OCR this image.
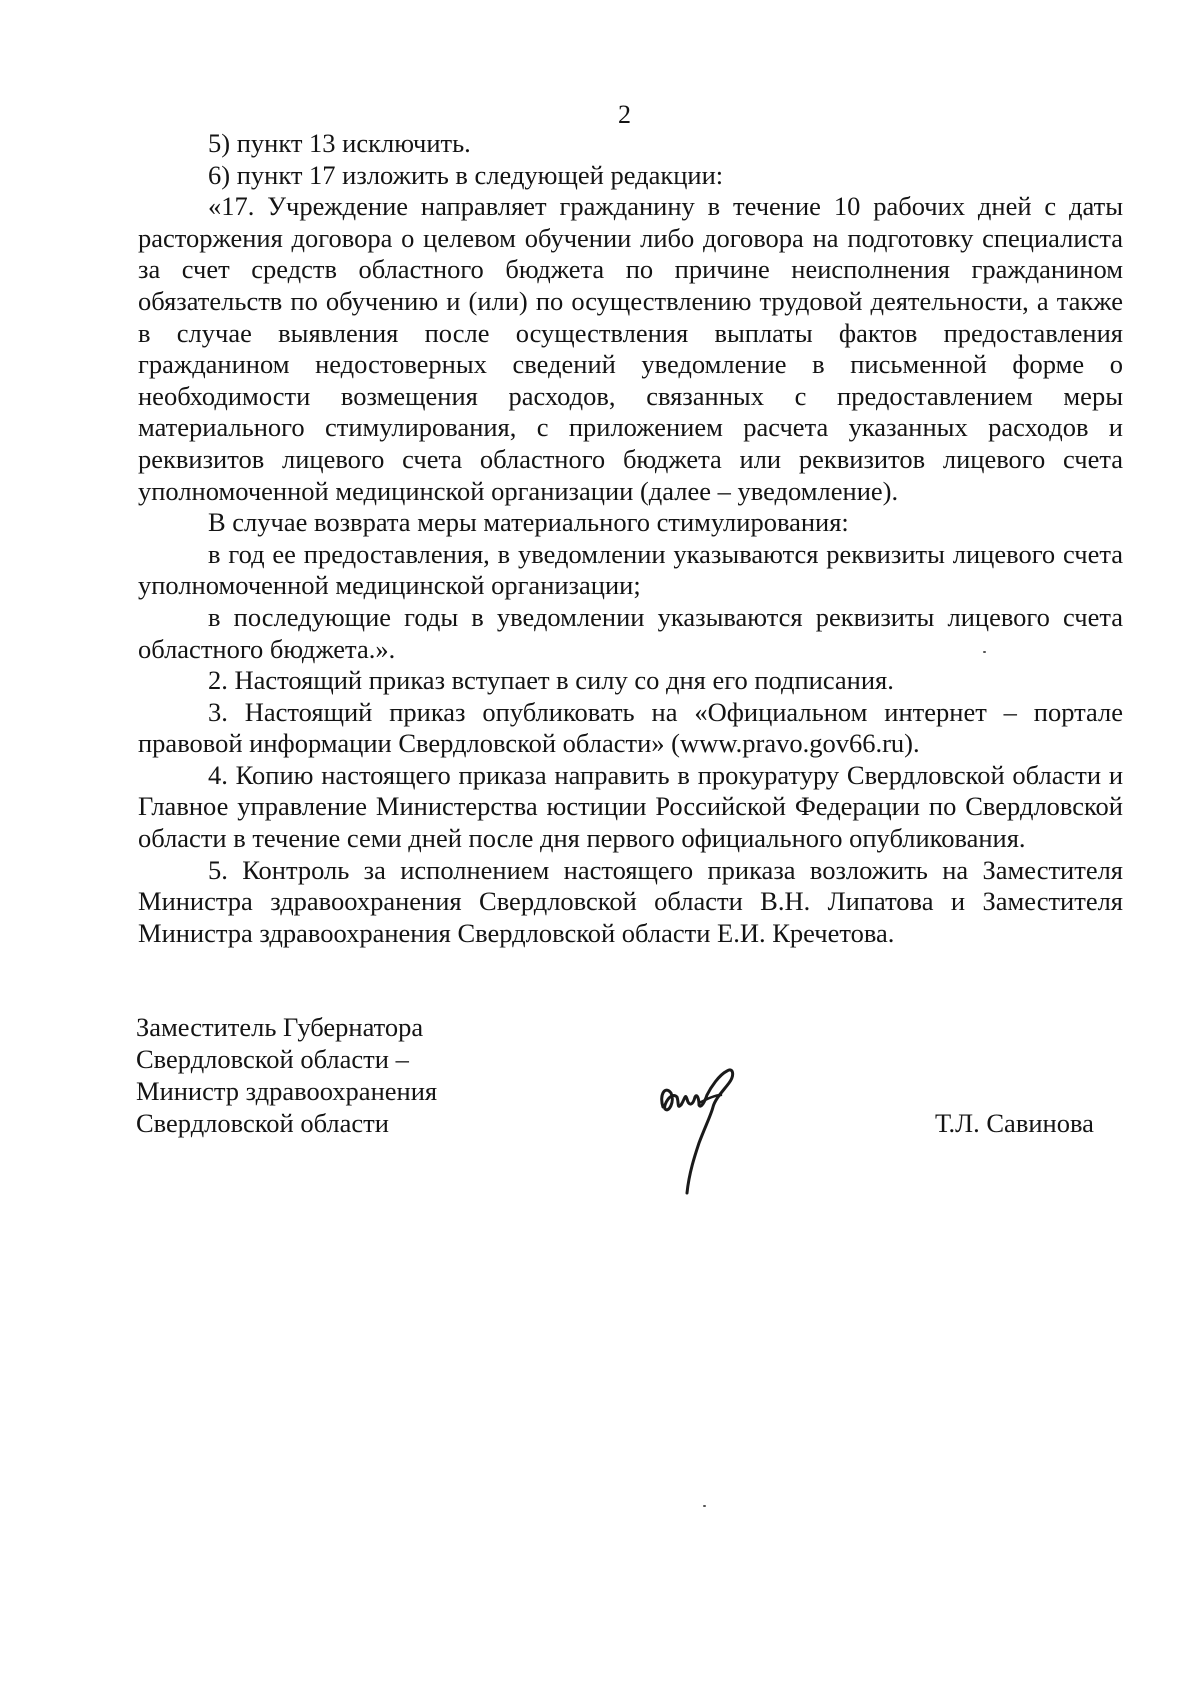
2

5) пункт 13 исключить.

6) пункт 17 изложить в следующей редакции:

«17. Учреждение направляет гражданину в течение 10 рабочих дней с даты расторжения договора о целевом обучении либо договора на подготовку специалиста за счет средств областного бюджета по причине неисполнения гражданином обязательств по обучению и (или) по осуществлению трудовой деятельности, а также в случае выявления после осуществления выплаты фактов предоставления гражданином недостоверных сведений уведомление в письменной форме о необходимости возмещения расходов, связанных с предоставлением меры материального стимулирования, с приложением расчета указанных расходов и реквизитов лицевого счета областного бюджета или реквизитов лицевого счета уполномоченной медицинской организации (далее – уведомление).

В случае возврата меры материального стимулирования:

в год ее предоставления, в уведомлении указываются реквизиты лицевого счета уполномоченной медицинской организации;

в последующие годы в уведомлении указываются реквизиты лицевого счета областного бюджета.».

2. Настоящий приказ вступает в силу со дня его подписания.

3. Настоящий приказ опубликовать на «Официальном интернет – портале правовой информации Свердловской области» (www.pravo.gov66.ru).

4. Копию настоящего приказа направить в прокуратуру Свердловской области и Главное управление Министерства юстиции Российской Федерации по Свердловской области в течение семи дней после дня первого официального опубликования.

5. Контроль за исполнением настоящего приказа возложить на Заместителя Министра здравоохранения Свердловской области В.Н. Липатова и Заместителя Министра здравоохранения Свердловской области Е.И. Кречетова.

Заместитель Губернатора
Свердловской области –
Министр здравоохранения
Свердловской области	Т.Л. Савинова
